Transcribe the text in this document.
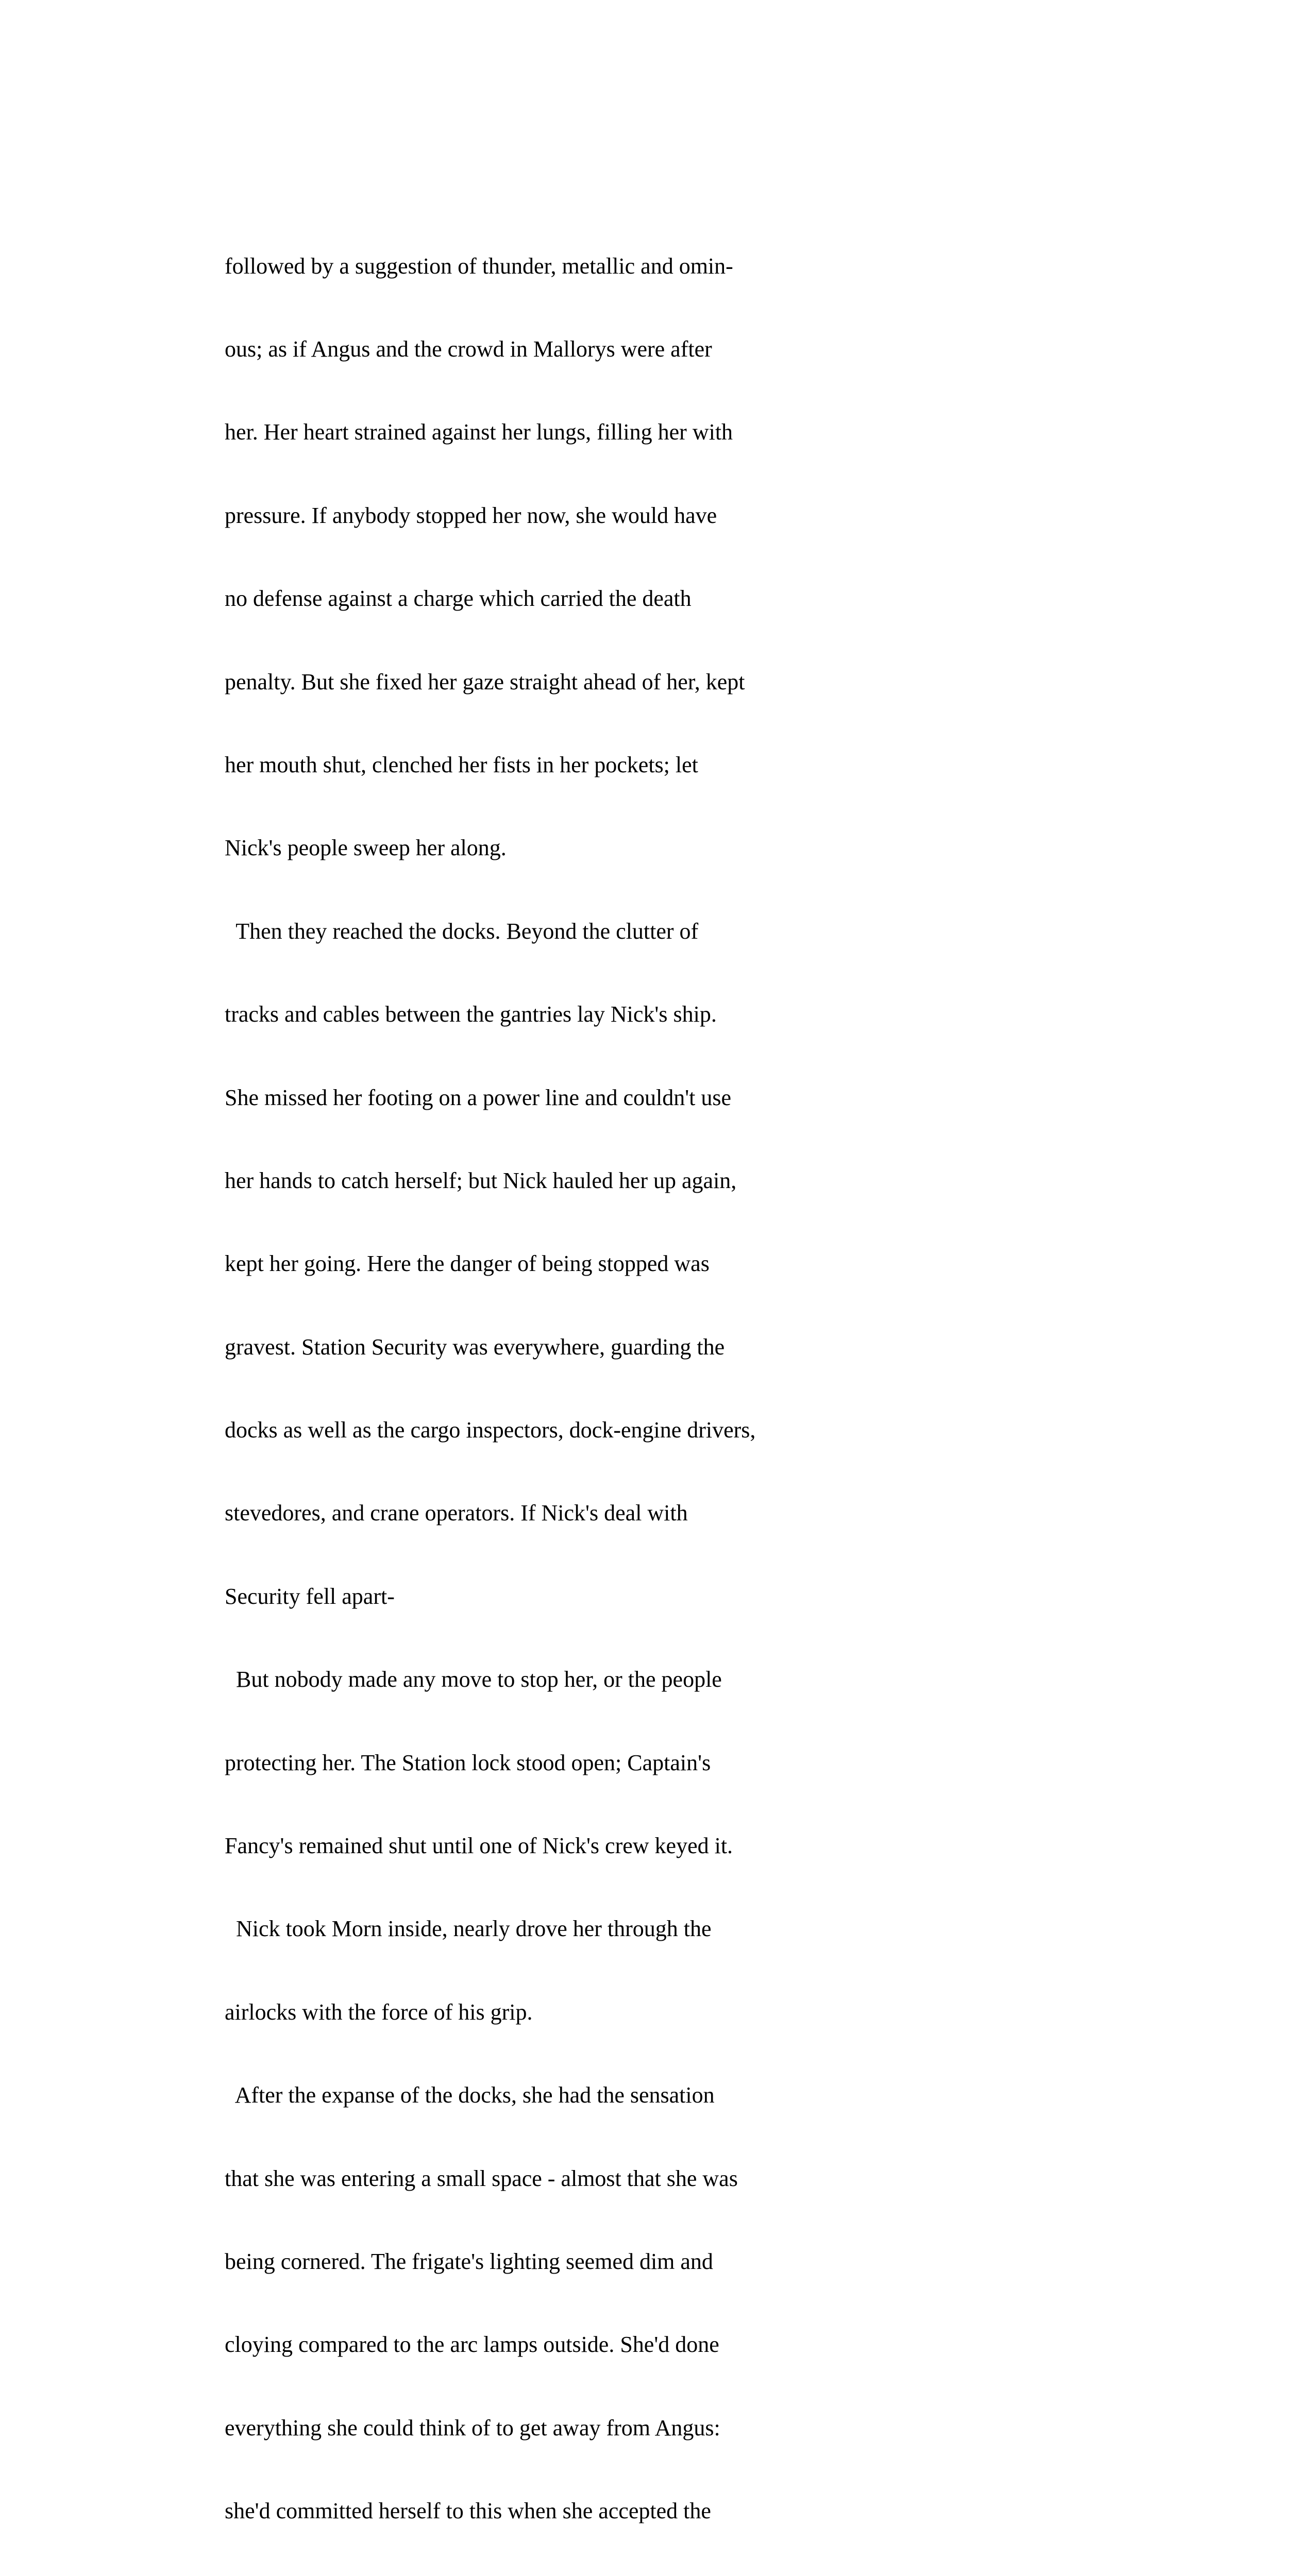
followed by a suggestion of thunder, metallic and omin-

ous; as if Angus and the crowd in Mallorys were after

her. Her heart strained against her lungs, filling her with

pressure. If anybody stopped her now, she would have

no defense against a charge which carried the death

penalty. But she fixed her gaze straight ahead of her, kept

her mouth shut, clenched her fists in her pockets; let

Nick's people sweep her along.

Then they reached the docks. Beyond the clutter of

tracks and cables between the gantries lay Nick's ship.

She missed her footing on a power line and couldn't use

her hands to catch herself; but Nick hauled her up again,

kept her going. Here the danger of being stopped was

gravest. Station Security was everywhere, guarding the

docks as well as the cargo inspectors, dock-engine drivers,

stevedores, and crane operators. If Nick's deal with

Security fell apart-

But nobody made any move to stop her, or the people

protecting her. The Station lock stood open; Captain's

Fancy's remained shut until one of Nick's crew keyed it.

Nick took Morn inside, nearly drove her through the

airlocks with the force of his grip.

After the expanse of the docks, she had the sensation

that she was entering a small space - almost that she was

being cornered. The frigate's lighting seemed dim and

cloying compared to the arc lamps outside. She'd done

everything she could think of to get away from Angus:

she'd committed herself to this when she accepted the
